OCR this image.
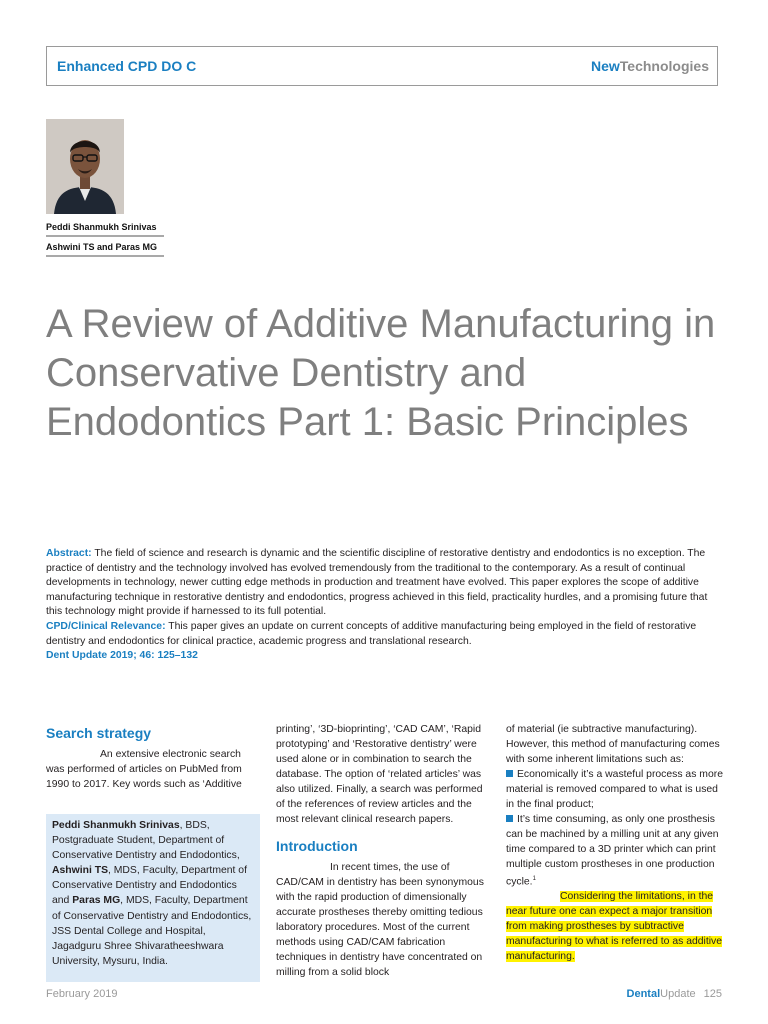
Enhanced CPD DO C	NewTechnologies
Peddi Shanmukh Srinivas
Ashwini TS and Paras MG
A Review of Additive Manufacturing in Conservative Dentistry and Endodontics Part 1: Basic Principles

Abstract: The field of science and research is dynamic and the scientific discipline of restorative dentistry and endodontics is no exception. The practice of dentistry and the technology involved has evolved tremendously from the traditional to the contemporary. As a result of continual developments in technology, newer cutting edge methods in production and treatment have evolved. This paper explores the scope of additive manufacturing technique in restorative dentistry and endodontics, progress achieved in this field, practicality hurdles, and a promising future that this technology might provide if harnessed to its full potential.

CPD/Clinical Relevance: This paper gives an update on current concepts of additive manufacturing being employed in the field of restorative dentistry and endodontics for clinical practice, academic progress and translational research.

Dent Update 2019; 46: 125–132

Search strategy

An extensive electronic search was performed of articles on PubMed from 1990 to 2017. Key words such as ‘Additive

Peddi Shanmukh Srinivas, BDS, Postgraduate Student, Department of Conservative Dentistry and Endodontics, Ashwini TS, MDS, Faculty, Department of Conservative Dentistry and Endodontics and Paras MG, MDS, Faculty, Department of Conservative Dentistry and Endodontics, JSS Dental College and Hospital, Jagadguru Shree Shivaratheeshwara University, Mysuru, India.

printing’, ‘3D-bioprinting’, ‘CAD CAM’, ‘Rapid prototyping’ and ‘Restorative dentistry’ were used alone or in combination to search the database. The option of ‘related articles’ was also utilized. Finally, a search was performed of the references of review articles and the most relevant clinical research papers.

Introduction

In recent times, the use of CAD/CAM in dentistry has been synonymous with the rapid production of dimensionally accurate prostheses thereby omitting tedious laboratory procedures. Most of the current methods using CAD/CAM fabrication techniques in dentistry have concentrated on milling from a solid block

of material (ie subtractive manufacturing). However, this method of manufacturing comes with some inherent limitations such as:

Economically it’s a wasteful process as more material is removed compared to what is used in the final product;

It’s time consuming, as only one prosthesis can be machined by a milling unit at any given time compared to a 3D printer which can print multiple custom prostheses in one production cycle.$^1$

Considering the limitations, in the near future one can expect a major transition from making prostheses by subtractive manufacturing to what is referred to as additive manufacturing.

February 2019	DentalUpdate 125
